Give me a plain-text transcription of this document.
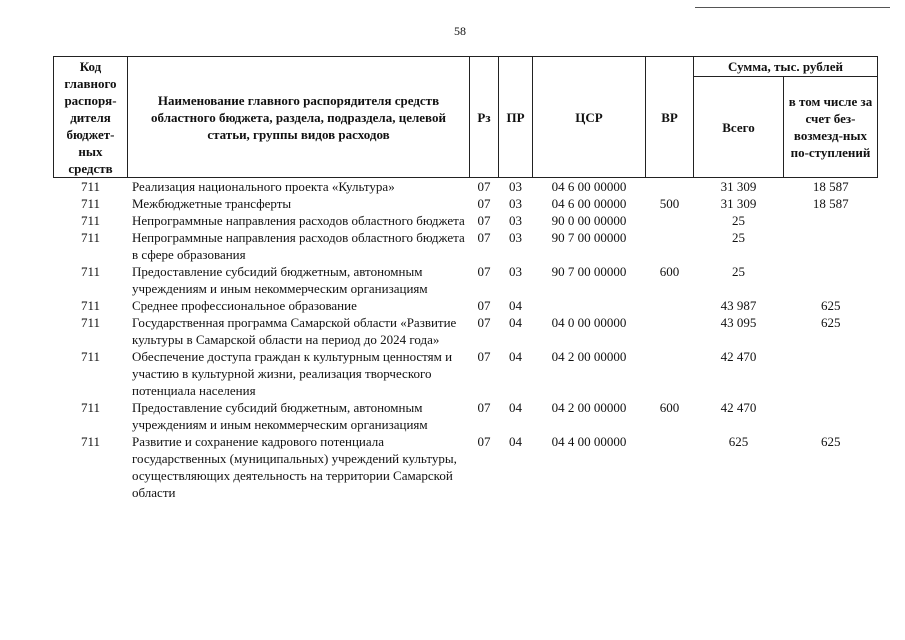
58
Код главного распоря-дителя бюджет-ных средств	Наименование главного распорядителя средств областного бюджета, раздела, подраздела, целевой статьи, группы видов расходов	Рз	ПР	ЦСР	ВР	Сумма, тыс. рублей	
						Всего	в том числе за счет без-возмезд-ных по-ступлений
711	Реализация национального проекта «Культура»	07	03	04 6 00 00000		31 309	18 587
711	Межбюджетные трансферты	07	03	04 6 00 00000	500	31 309	18 587
711	Непрограммные направления расходов областного бюджета	07	03	90 0 00 00000		25	
711	Непрограммные направления расходов областного бюджета в сфере образования	07	03	90 7 00 00000		25	
711	Предоставление субсидий бюджетным, автономным учреждениям и иным некоммерческим организациям	07	03	90 7 00 00000	600	25	
711	Среднее профессиональное образование	07	04			43 987	625
711	Государственная программа Самарской области «Развитие культуры в Самарской области на период до 2024 года»	07	04	04 0 00 00000		43 095	625
711	Обеспечение доступа граждан к культурным ценностям и участию в культурной жизни, реализация творческого потенциала населения	07	04	04 2 00 00000		42 470	
711	Предоставление субсидий бюджетным, автономным учреждениям и иным некоммерческим организациям	07	04	04 2 00 00000	600	42 470	
711	Развитие и сохранение кадрового потенциала государственных (муниципальных) учреждений культуры, осуществляющих деятельность на территории Самарской области	07	04	04 4 00 00000		625	625
